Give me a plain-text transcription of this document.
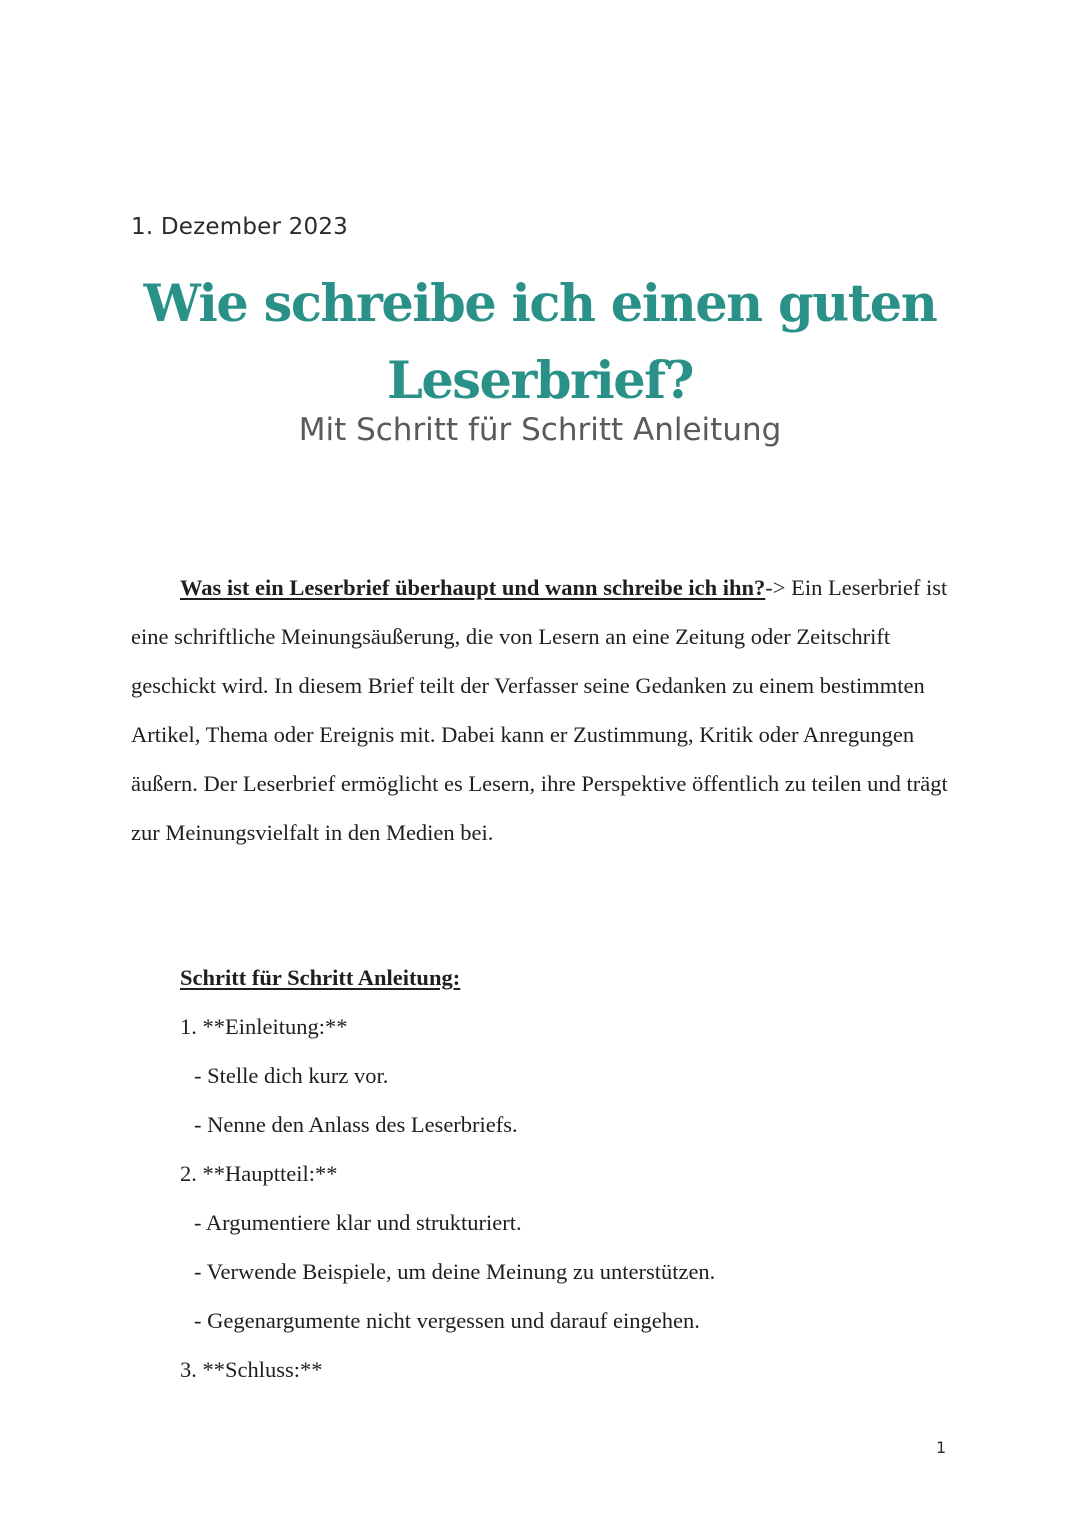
1. Dezember 2023
Wie schreibe ich einen guten
Leserbrief?

Mit Schritt für Schritt Anleitung

Was ist ein Leserbrief überhaupt und wann schreibe ich ihn?-> Ein Leserbrief ist eine schriftliche Meinungsäußerung, die von Lesern an eine Zeitung oder Zeitschrift geschickt wird. In diesem Brief teilt der Verfasser seine Gedanken zu einem bestimmten Artikel, Thema oder Ereignis mit. Dabei kann er Zustimmung, Kritik oder Anregungen äußern. Der Leserbrief ermöglicht es Lesern, ihre Perspektive öffentlich zu teilen und trägt zur Meinungsvielfalt in den Medien bei.

Schritt für Schritt Anleitung:
1. **Einleitung:**
- Stelle dich kurz vor.
- Nenne den Anlass des Leserbriefs.
2. **Hauptteil:**
- Argumentiere klar und strukturiert.
- Verwende Beispiele, um deine Meinung zu unterstützen.
- Gegenargumente nicht vergessen und darauf eingehen.
3. **Schluss:**
1
